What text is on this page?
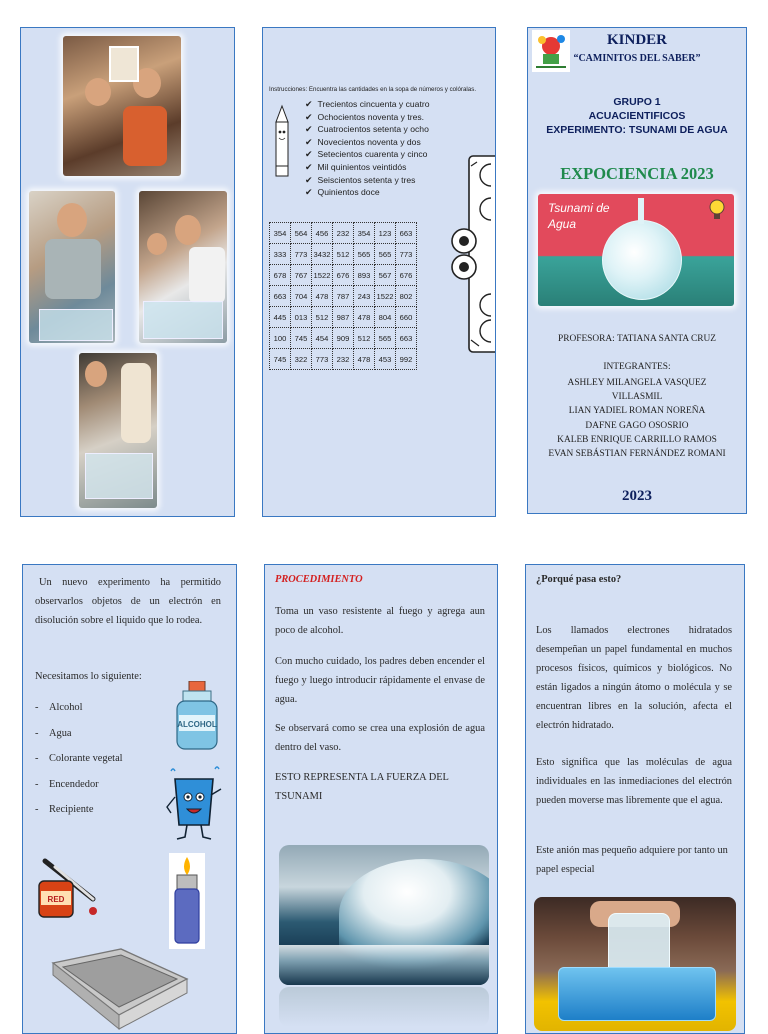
Instrucciones: Encuentra las cantidades en la sopa de números y colóralas.
✔ Trecientos cincuenta y cuatro
✔ Ochocientos noventa y tres.
✔ Cuatrocientos setenta y ocho
✔ Novecientos noventa y dos
✔ Setecientos cuarenta y cinco
✔ Mil quinientos veintidós
✔ Seiscientos setenta y tres
✔ Quinientos doce
354	564	456	232	354	123	663
333	773	3432	512	565	565	773
678	767	1522	676	893	567	676
663	704	478	787	243	1522	802
445	013	512	987	478	804	660
100	745	454	909	512	565	663
745	322	773	232	478	453	992
KINDER
“CAMINITOS DEL SABER”
GRUPO 1
ACUACIENTIFICOS
EXPERIMENTO: TSUNAMI DE AGUA
EXPOCIENCIA 2023
Tsunami de Agua
PROFESORA: TATIANA SANTA CRUZ
INTEGRANTES:
ASHLEY MILANGELA VASQUEZ
VILLASMIL
LIAN YADIEL ROMAN NOREÑA
DAFNE GAGO OSOSRIO
KALEB ENRIQUE CARRILLO RAMOS
EVAN SEBÁSTIAN FERNÁNDEZ ROMANI
2023

Un nuevo experimento ha permitido observarlos objetos de un electrón en disolución sobre el liquido que lo rodea.

Necesitamos lo siguiente:

- Alcohol
- Agua
- Colorante vegetal
- Encendedor
- Recipiente
ALCOHOL
RED
PROCEDIMIENTO

Toma un vaso resistente al fuego y agrega aun poco de alcohol.

Con mucho cuidado, los padres deben encender el fuego y luego introducir rápidamente el envase de agua.

Se observará como se crea una explosión de agua dentro del vaso.

ESTO REPRESENTA LA FUERZA DEL TSUNAMI

¿Porqué pasa esto?

Los llamados electrones hidratados desempeñan un papel fundamental en muchos procesos físicos, químicos y biológicos. No están ligados a ningún átomo o molécula y se encuentran libres en la solución, afecta el electrón hidratado.

Esto significa que las moléculas de agua individuales en las inmediaciones del electrón pueden moverse mas libremente que el agua.

Este anión mas pequeño adquiere por tanto un papel especial
